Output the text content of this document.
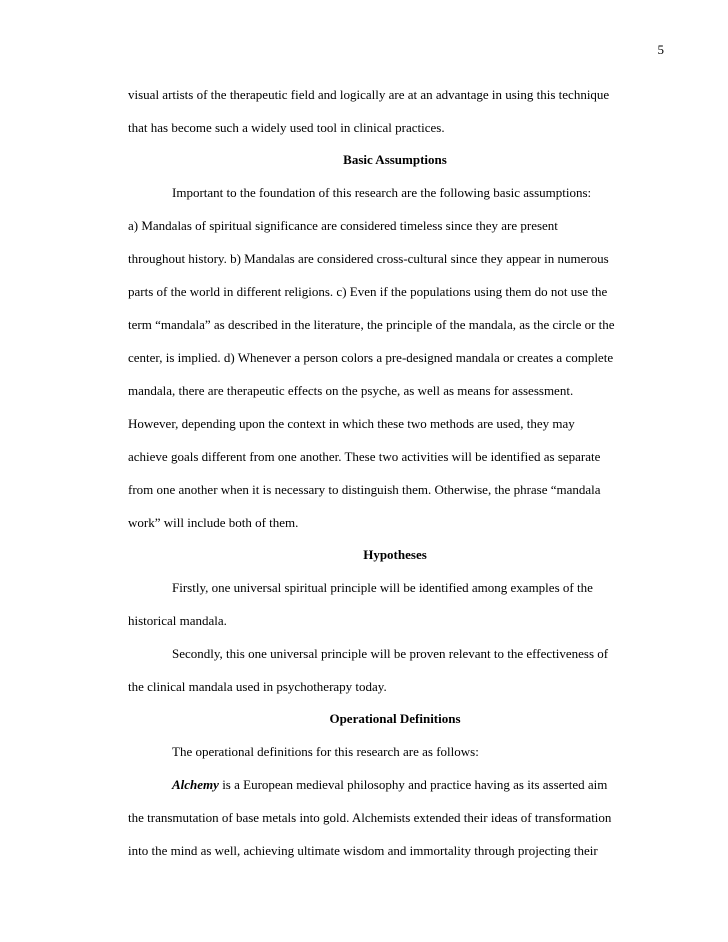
5
visual artists of the therapeutic field and logically are at an advantage in using this technique
that has become such a widely used tool in clinical practices.
Basic Assumptions
Important to the foundation of this research are the following basic assumptions:
a) Mandalas of spiritual significance are considered timeless since they are present
throughout history. b) Mandalas are considered cross-cultural since they appear in numerous
parts of the world in different religions. c) Even if the populations using them do not use the
term “mandala” as described in the literature, the principle of the mandala, as the circle or the
center, is implied. d) Whenever a person colors a pre-designed mandala or creates a complete
mandala, there are therapeutic effects on the psyche, as well as means for assessment.
However, depending upon the context in which these two methods are used, they may
achieve goals different from one another. These two activities will be identified as separate
from one another when it is necessary to distinguish them. Otherwise, the phrase “mandala
work” will include both of them.
Hypotheses
Firstly, one universal spiritual principle will be identified among examples of the
historical mandala.
Secondly, this one universal principle will be proven relevant to the effectiveness of
the clinical mandala used in psychotherapy today.
Operational Definitions
The operational definitions for this research are as follows:
Alchemy is a European medieval philosophy and practice having as its asserted aim
the transmutation of base metals into gold. Alchemists extended their ideas of transformation
into the mind as well, achieving ultimate wisdom and immortality through projecting their
